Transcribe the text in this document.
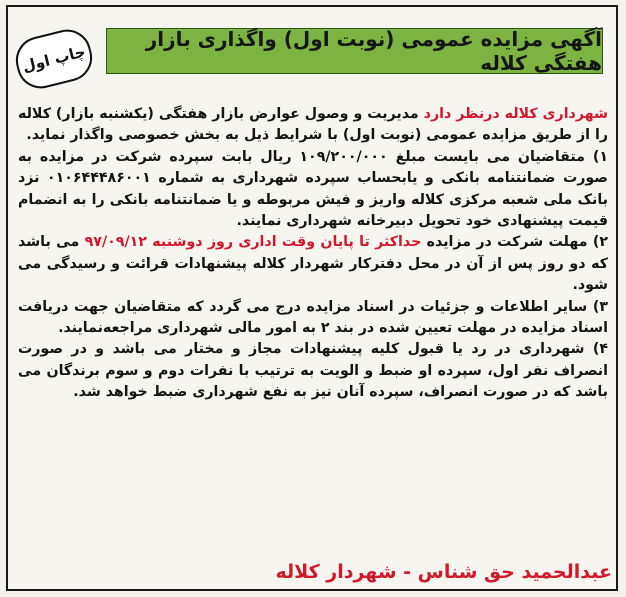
چاپ اول
آگهی مزایده عمومی (نوبت اول) واگذاری بازار هفتگی کلاله

شهرداری کلاله درنظر دارد مدیریت و وصول عوارض بازار هفتگی (یکشنبه بازار) کلاله را از طریق مزایده عمومی (نوبت اول) با شرایط ذیل به بخش خصوصی واگذار نماید.

۱) متقاضیان می بایست مبلغ ۱۰۹/۲۰۰/۰۰۰ ریال بابت سپرده شرکت در مزایده به صورت ضمانتنامه بانکی و یابحساب سپرده شهرداری به شماره ۰۱۰۶۴۴۴۸۶۰۰۱ نزد بانک ملی شعبه مرکزی کلاله واریز و فیش مربوطه و یا ضمانتنامه بانکی را به انضمام قیمت پیشنهادی خود تحویل دبیرخانه شهرداری نمایند.

۲) مهلت شرکت در مزایده حداکثر تا پایان وقت اداری روز دوشنبه ۹۷/۰۹/۱۲ می باشد که دو روز پس از آن در محل دفترکار شهردار کلاله پیشنهادات قرائت و رسیدگی می شود.

۳) سایر اطلاعات و جزئیات در اسناد مزایده درج می گردد که متقاضیان جهت دریافت اسناد مزایده در مهلت تعیین شده در بند ۲ به امور مالی شهرداری مراجعه‌نمایند.

۴) شهرداری در رد یا قبول کلیه پیشنهادات مجاز و مختار می باشد و در صورت انصراف نفر اول، سپرده او ضبط و الویت به ترتیب با نفرات دوم و سوم برندگان می باشد که در صورت انصراف، سپرده آنان نیز به نفع شهرداری ضبط خواهد شد.

عبدالحمید حق شناس - شهردار کلاله
